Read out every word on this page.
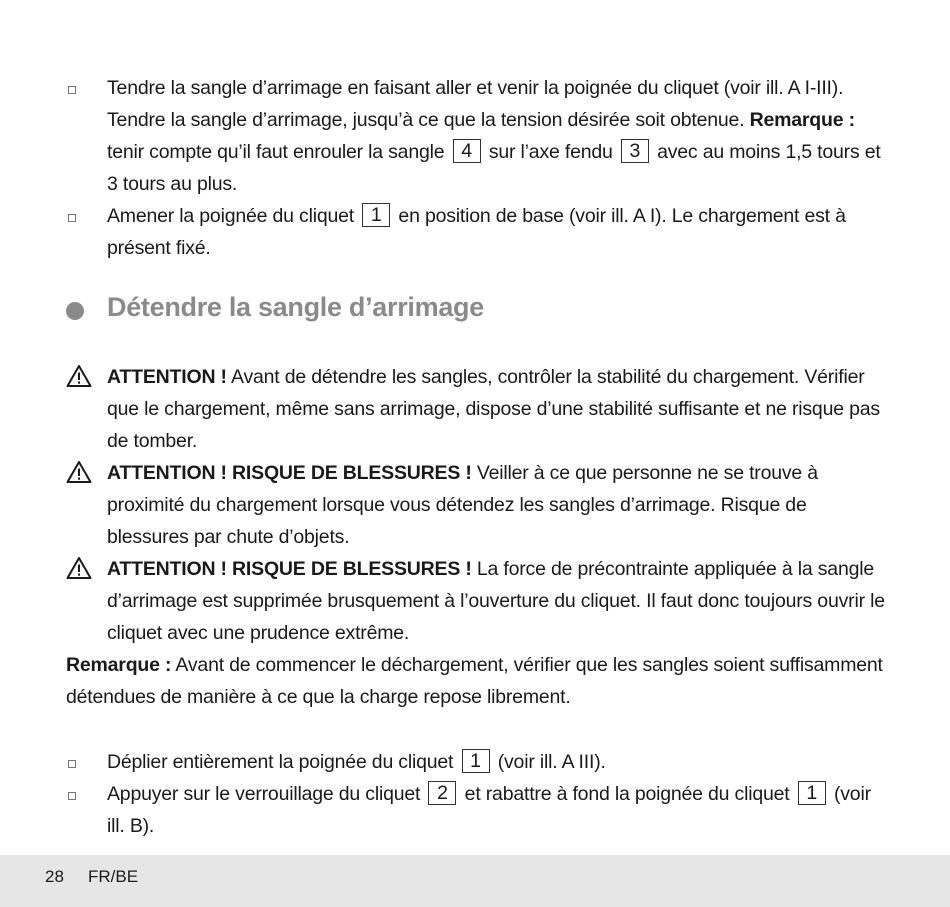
Tendre la sangle d’arrimage en faisant aller et venir la poignée du cliquet (voir ill. A I-III). Tendre la sangle d’arrimage, jusqu’à ce que la tension désirée soit obtenue. Remarque : tenir compte qu’il faut enrouler la sangle 4 sur l’axe fendu 3 avec au moins 1,5 tours et 3 tours au plus.
Amener la poignée du cliquet 1 en position de base (voir ill. A I). Le chargement est à présent fixé.
Détendre la sangle d’arrimage
ATTENTION ! Avant de détendre les sangles, contrôler la stabilité du chargement. Vérifier que le chargement, même sans arrimage, dispose d’une stabilité suffisante et ne risque pas de tomber.
ATTENTION ! RISQUE DE BLESSURES ! Veiller à ce que personne ne se trouve à proximité du chargement lorsque vous détendez les sangles d’arrimage. Risque de blessures par chute d’objets.
ATTENTION ! RISQUE DE BLESSURES ! La force de précontrainte appliquée à la sangle d’arrimage est supprimée brusquement à l’ouverture du cliquet. Il faut donc toujours ouvrir le cliquet avec une prudence extrême.
Remarque : Avant de commencer le déchargement, vérifier que les sangles soient suffisamment détendues de manière à ce que la charge repose librement.
Déplier entièrement la poignée du cliquet 1 (voir ill. A III).
Appuyer sur le verrouillage du cliquet 2 et rabattre à fond la poignée du cliquet 1 (voir ill. B).
28 FR/BE
